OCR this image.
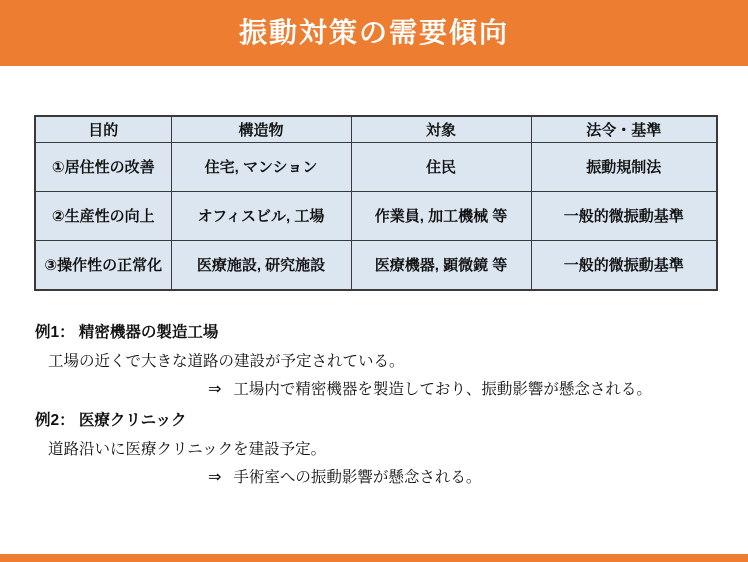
振動対策の需要傾向
目的	構造物	対象	法令・基準
①居住性の改善	住宅, マンション	住民	振動規制法
②生産性の向上	オフィスビル, 工場	作業員, 加工機械 等	一般的微振動基準
③操作性の正常化	医療施設, 研究施設	医療機器, 顕微鏡 等	一般的微振動基準
例1： 精密機器の製造工場
工場の近くで大きな道路の建設が予定されている。
⇒ 工場内で精密機器を製造しており、振動影響が懸念される。
例2： 医療クリニック
道路沿いに医療クリニックを建設予定。
⇒ 手術室への振動影響が懸念される。
